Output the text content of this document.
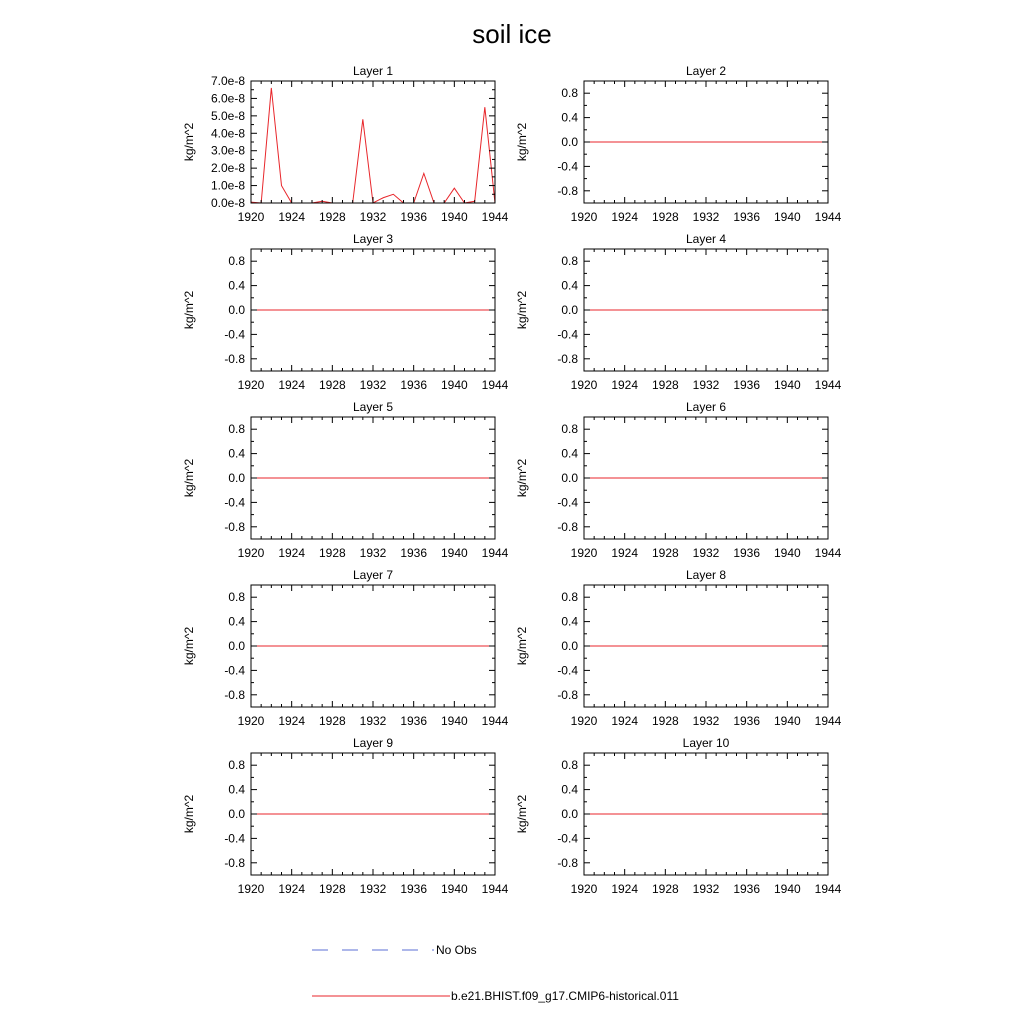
soil ice
Layer 1
kg/m^2
1920 1924 1928 1932 1936 1940 1944
0.0e-8
1.0e-8
2.0e-8
3.0e-8
4.0e-8
5.0e-8
6.0e-8
7.0e-8
Layer 2
kg/m^2
1920 1924 1928 1932 1936 1940 1944
-0.8
-0.4
0.0
0.4
0.8
Layer 3
kg/m^2
1920 1924 1928 1932 1936 1940 1944
-0.8
-0.4
0.0
0.4
0.8
Layer 4
kg/m^2
1920 1924 1928 1932 1936 1940 1944
-0.8
-0.4
0.0
0.4
0.8
Layer 5
kg/m^2
1920 1924 1928 1932 1936 1940 1944
-0.8
-0.4
0.0
0.4
0.8
Layer 6
kg/m^2
1920 1924 1928 1932 1936 1940 1944
-0.8
-0.4
0.0
0.4
0.8
Layer 7
kg/m^2
1920 1924 1928 1932 1936 1940 1944
-0.8
-0.4
0.0
0.4
0.8
Layer 8
kg/m^2
1920 1924 1928 1932 1936 1940 1944
-0.8
-0.4
0.0
0.4
0.8
Layer 9
kg/m^2
1920 1924 1928 1932 1936 1940 1944
-0.8
-0.4
0.0
0.4
0.8
Layer 10
kg/m^2
1920 1924 1928 1932 1936 1940 1944
-0.8
-0.4
0.0
0.4
0.8
No Obs
b.e21.BHIST.f09_g17.CMIP6-historical.011
